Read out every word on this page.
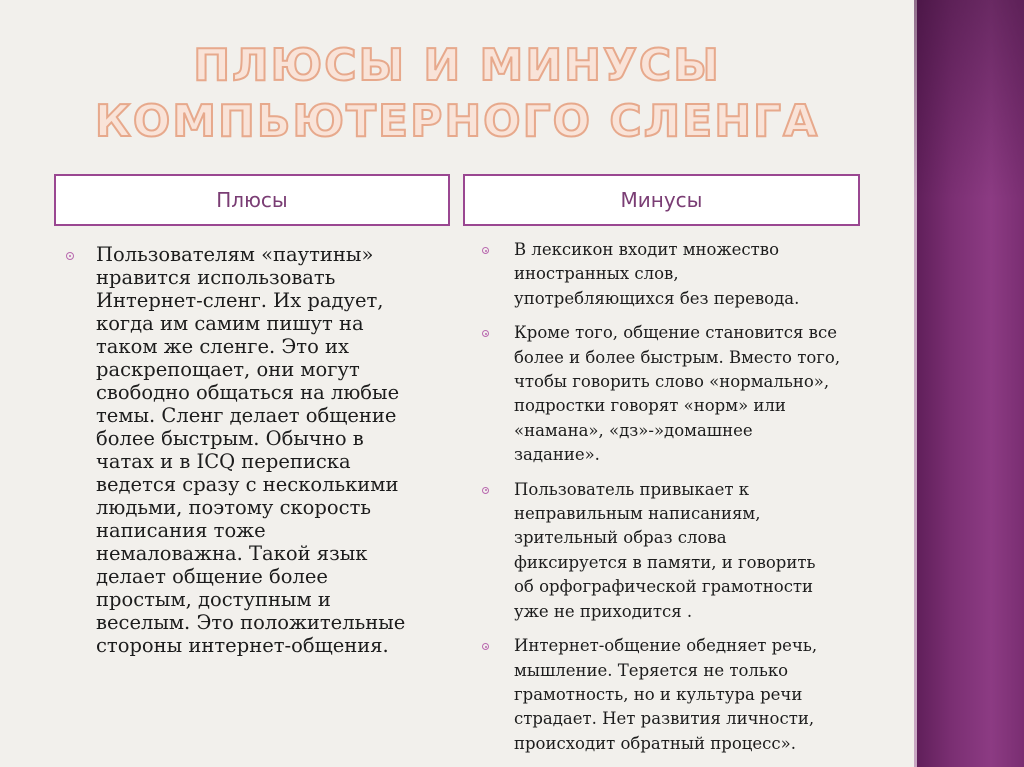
ПЛЮСЫ И МИНУСЫ
КОМПЬЮТЕРНОГО СЛЕНГА
Плюсы	Минусы
Пользователям «паутины»
нравится использовать
Интернет-сленг. Их радует,
когда им самим пишут на
таком же сленге. Это их
раскрепощает, они могут
свободно общаться на любые
темы. Сленг делает общение
более быстрым. Обычно в
чатах и в ICQ переписка
ведется сразу с несколькими
людьми, поэтому скорость
написания тоже
немаловажна. Такой язык
делает общение более
простым, доступным и
веселым. Это положительные
стороны интернет-общения.
В лексикон входит множество
иностранных слов,
употребляющихся без перевода.
Кроме того, общение становится все
более и более быстрым. Вместо того,
чтобы говорить слово «нормально»,
подростки говорят «норм» или
«намана», «дз»-»домашнее
задание».
Пользователь привыкает к
неправильным написаниям,
зрительный образ слова
фиксируется в памяти, и говорить
об орфографической грамотности
уже не приходится .
Интернет-общение обедняет речь,
мышление. Теряется не только
грамотность, но и культура речи
страдает. Нет развития личности,
происходит обратный процесс».
